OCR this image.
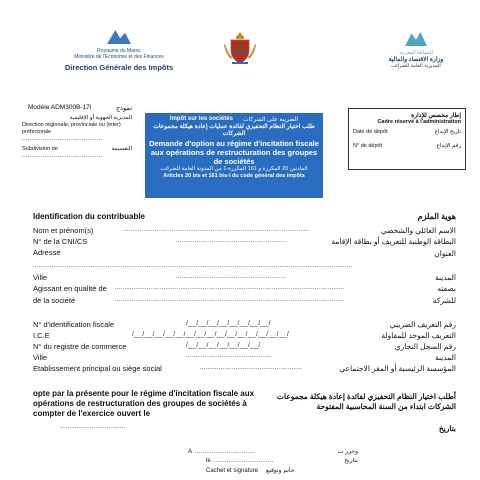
Royaume du Maroc
Ministère de l'Economie et des Finances
Direction Générale des Impôts
المملكة المغربية
وزارة الاقتصاد والمالية
المديرية العامة للضرائب
Modèle ADM300B-17I	نموذج
المديرية الجهوية أو الإقليمية
Direction régionale, provinciale ou (inter) préfectorale
...........................................
Subdivision de	التقسيمة
...........................................
Impôt sur les sociétés الضريبة على الشركات
طلب اختيار النظام التحفيزي لفائدة عمليات إعادة هيكلة مجموعات الشركات
Demande d'option au régime d'incitation fiscale aux opérations de restructuration des groupes de sociétés
المادتين 20 المكررة و 161 المكررة-1 من المدونة العامة للضرائب
Articles 20 bis et 161 bis-I du code général des impôts
إطار مخصص للإدارة
Cadre réservé à l'administration
Date de dépôt	تاريخ الإيداع
N° de dépôt	رقم الإيداع
Identification du contribuable	هوية الملزم
Nom et prénom(s)	....................................................................................................	الاسم العائلي والشخصي
N° de la CNI/CS	...........................................................	البطاقة الوطنية للتعريف أو بطاقة الإقامة
Adresse	العنوان
...........................................................................................................................................................................
Ville	...........................................................	المدينة
Agissant en qualité de ...........................................................................................................................	بصفته
de la société	...........................................................................................................................	للشركة
N° d'identification fiscale	/__/__/__/__/__/__/__/__/	رقم التعريف الضريبي
I.C.E	/__/__/__/__/__/__/__/__/__/__/__/__/__/__/__/	التعريف الموحد للمقاولة
N° du registre de commerce	/__/__/__/__/__/__/__/	رقم السجل التجاري
Ville	..............................................	المدينة
Etablissement principal ou siège social	.......................................................	المؤسسة الرئيسية أو المقر الاجتماعي
opte par la présente pour le régime d'incitation fiscale aux opérations de restructuration des groupes de sociétés à compter de l'exercice ouvert le
...................................
أطلب اختيار النظام التحفيزي لفائدة إعادة هيكلة مجموعات الشركات ابتداء من السنة المحاسبية المفتوحة
بتاريخ
A ................................	وحرر ب
le ................................	بتاريخ
Cachet et signature خاتم وتوقيع
